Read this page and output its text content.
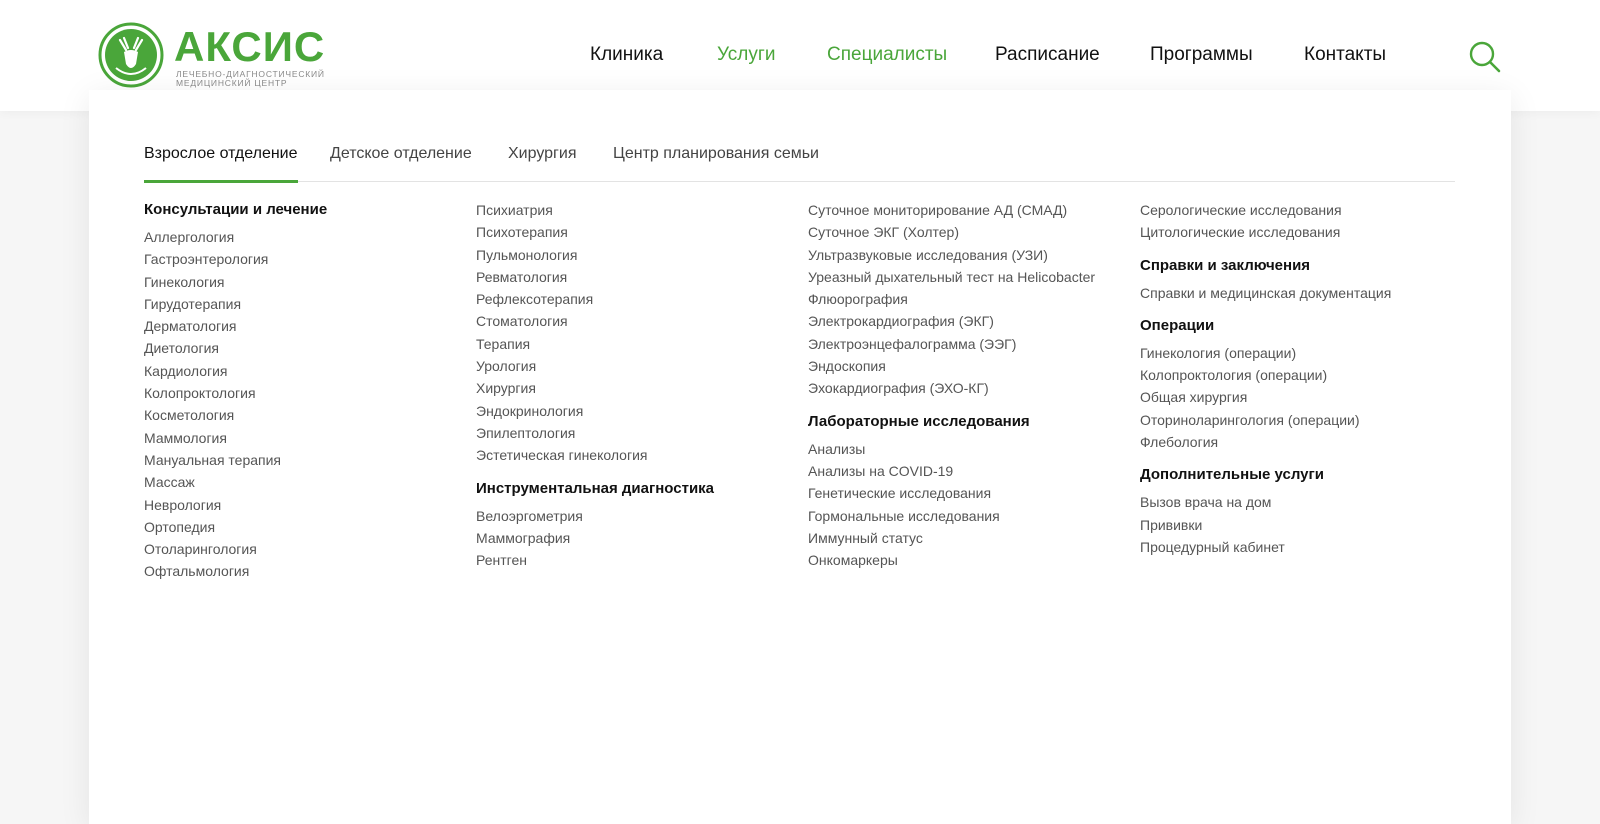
АКСИС
ЛЕЧЕБНО-ДИАГНОСТИЧЕСКИЙ
МЕДИЦИНСКИЙ ЦЕНТР
Клиника	Услуги	Специалисты	Расписание	Программы	Контакты
Взрослое отделение Детское отделение Хирургия Центр планирования семьи
Консультации и лечение
Аллергология
Гастроэнтерология
Гинекология
Гирудотерапия
Дерматология
Диетология
Кардиология
Колопроктология
Косметология
Маммология
Мануальная терапия
Массаж
Неврология
Ортопедия
Отоларингология
Офтальмология
Психиатрия
Психотерапия
Пульмонология
Ревматология
Рефлексотерапия
Стоматология
Терапия
Урология
Хирургия
Эндокринология
Эпилептология
Эстетическая гинекология
Инструментальная диагностика
Велоэргометрия
Маммография
Рентген
Суточное мониторирование АД (СМАД)
Суточное ЭКГ (Холтер)
Ультразвуковые исследования (УЗИ)
Уреазный дыхательный тест на Helicobacter
Флюорография
Электрокардиография (ЭКГ)
Электроэнцефалограмма (ЭЭГ)
Эндоскопия
Эхокардиография (ЭХО-КГ)
Лабораторные исследования
Анализы
Анализы на COVID-19
Генетические исследования
Гормональные исследования
Иммунный статус
Онкомаркеры
Серологические исследования
Цитологические исследования
Справки и заключения
Справки и медицинская документация
Операции
Гинекология (операции)
Колопроктология (операции)
Общая хирургия
Оториноларингология (операции)
Флебология
Дополнительные услуги
Вызов врача на дом
Прививки
Процедурный кабинет
